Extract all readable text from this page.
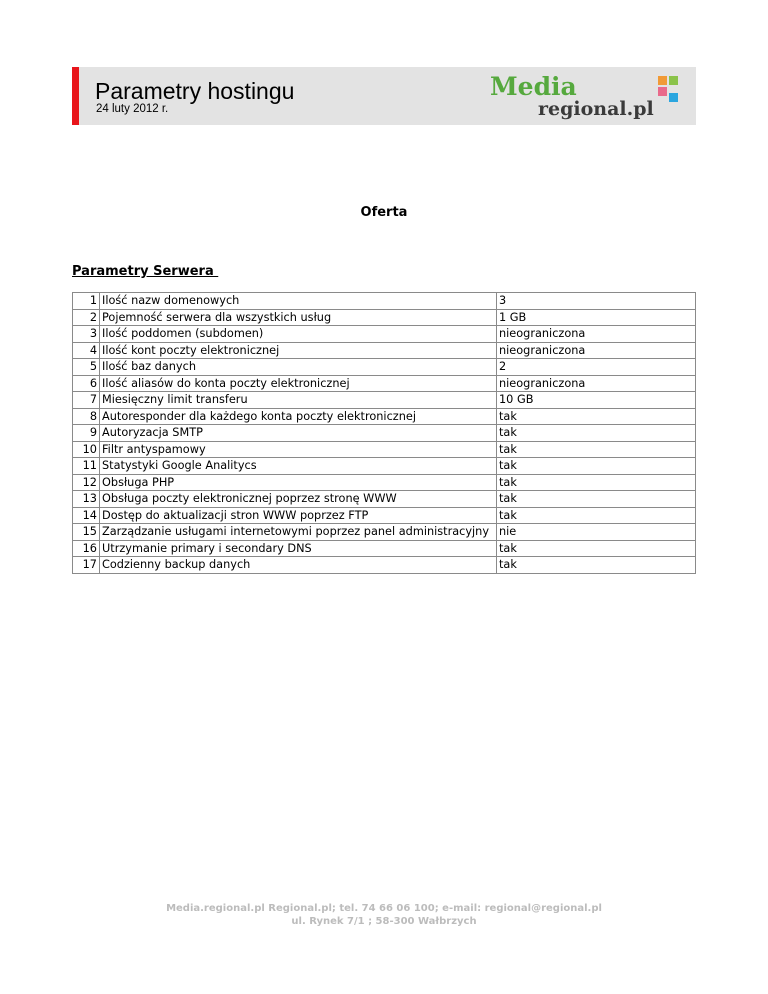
Parametry hostingu
24 luty 2012 r.
Media
regional.pl
Oferta
Parametry Serwera
1	Ilość nazw domenowych	3
2	Pojemność serwera dla wszystkich usług	1 GB
3	Ilość poddomen (subdomen)	nieograniczona
4	Ilość kont poczty elektronicznej	nieograniczona
5	Ilość baz danych	2
6	Ilość aliasów do konta poczty elektronicznej	nieograniczona
7	Miesięczny limit transferu	10 GB
8	Autoresponder dla każdego konta poczty elektronicznej	tak
9	Autoryzacja SMTP	tak
10	Filtr antyspamowy	tak
11	Statystyki Google Analitycs	tak
12	Obsługa PHP	tak
13	Obsługa poczty elektronicznej poprzez stronę WWW	tak
14	Dostęp do aktualizacji stron WWW poprzez FTP	tak
15	Zarządzanie usługami internetowymi poprzez panel administracyjny	nie
16	Utrzymanie primary i secondary DNS	tak
17	Codzienny backup danych	tak
Media.regional.pl Regional.pl; tel. 74 66 06 100; e-mail: regional@regional.pl
ul. Rynek 7/1 ; 58-300 Wałbrzych
